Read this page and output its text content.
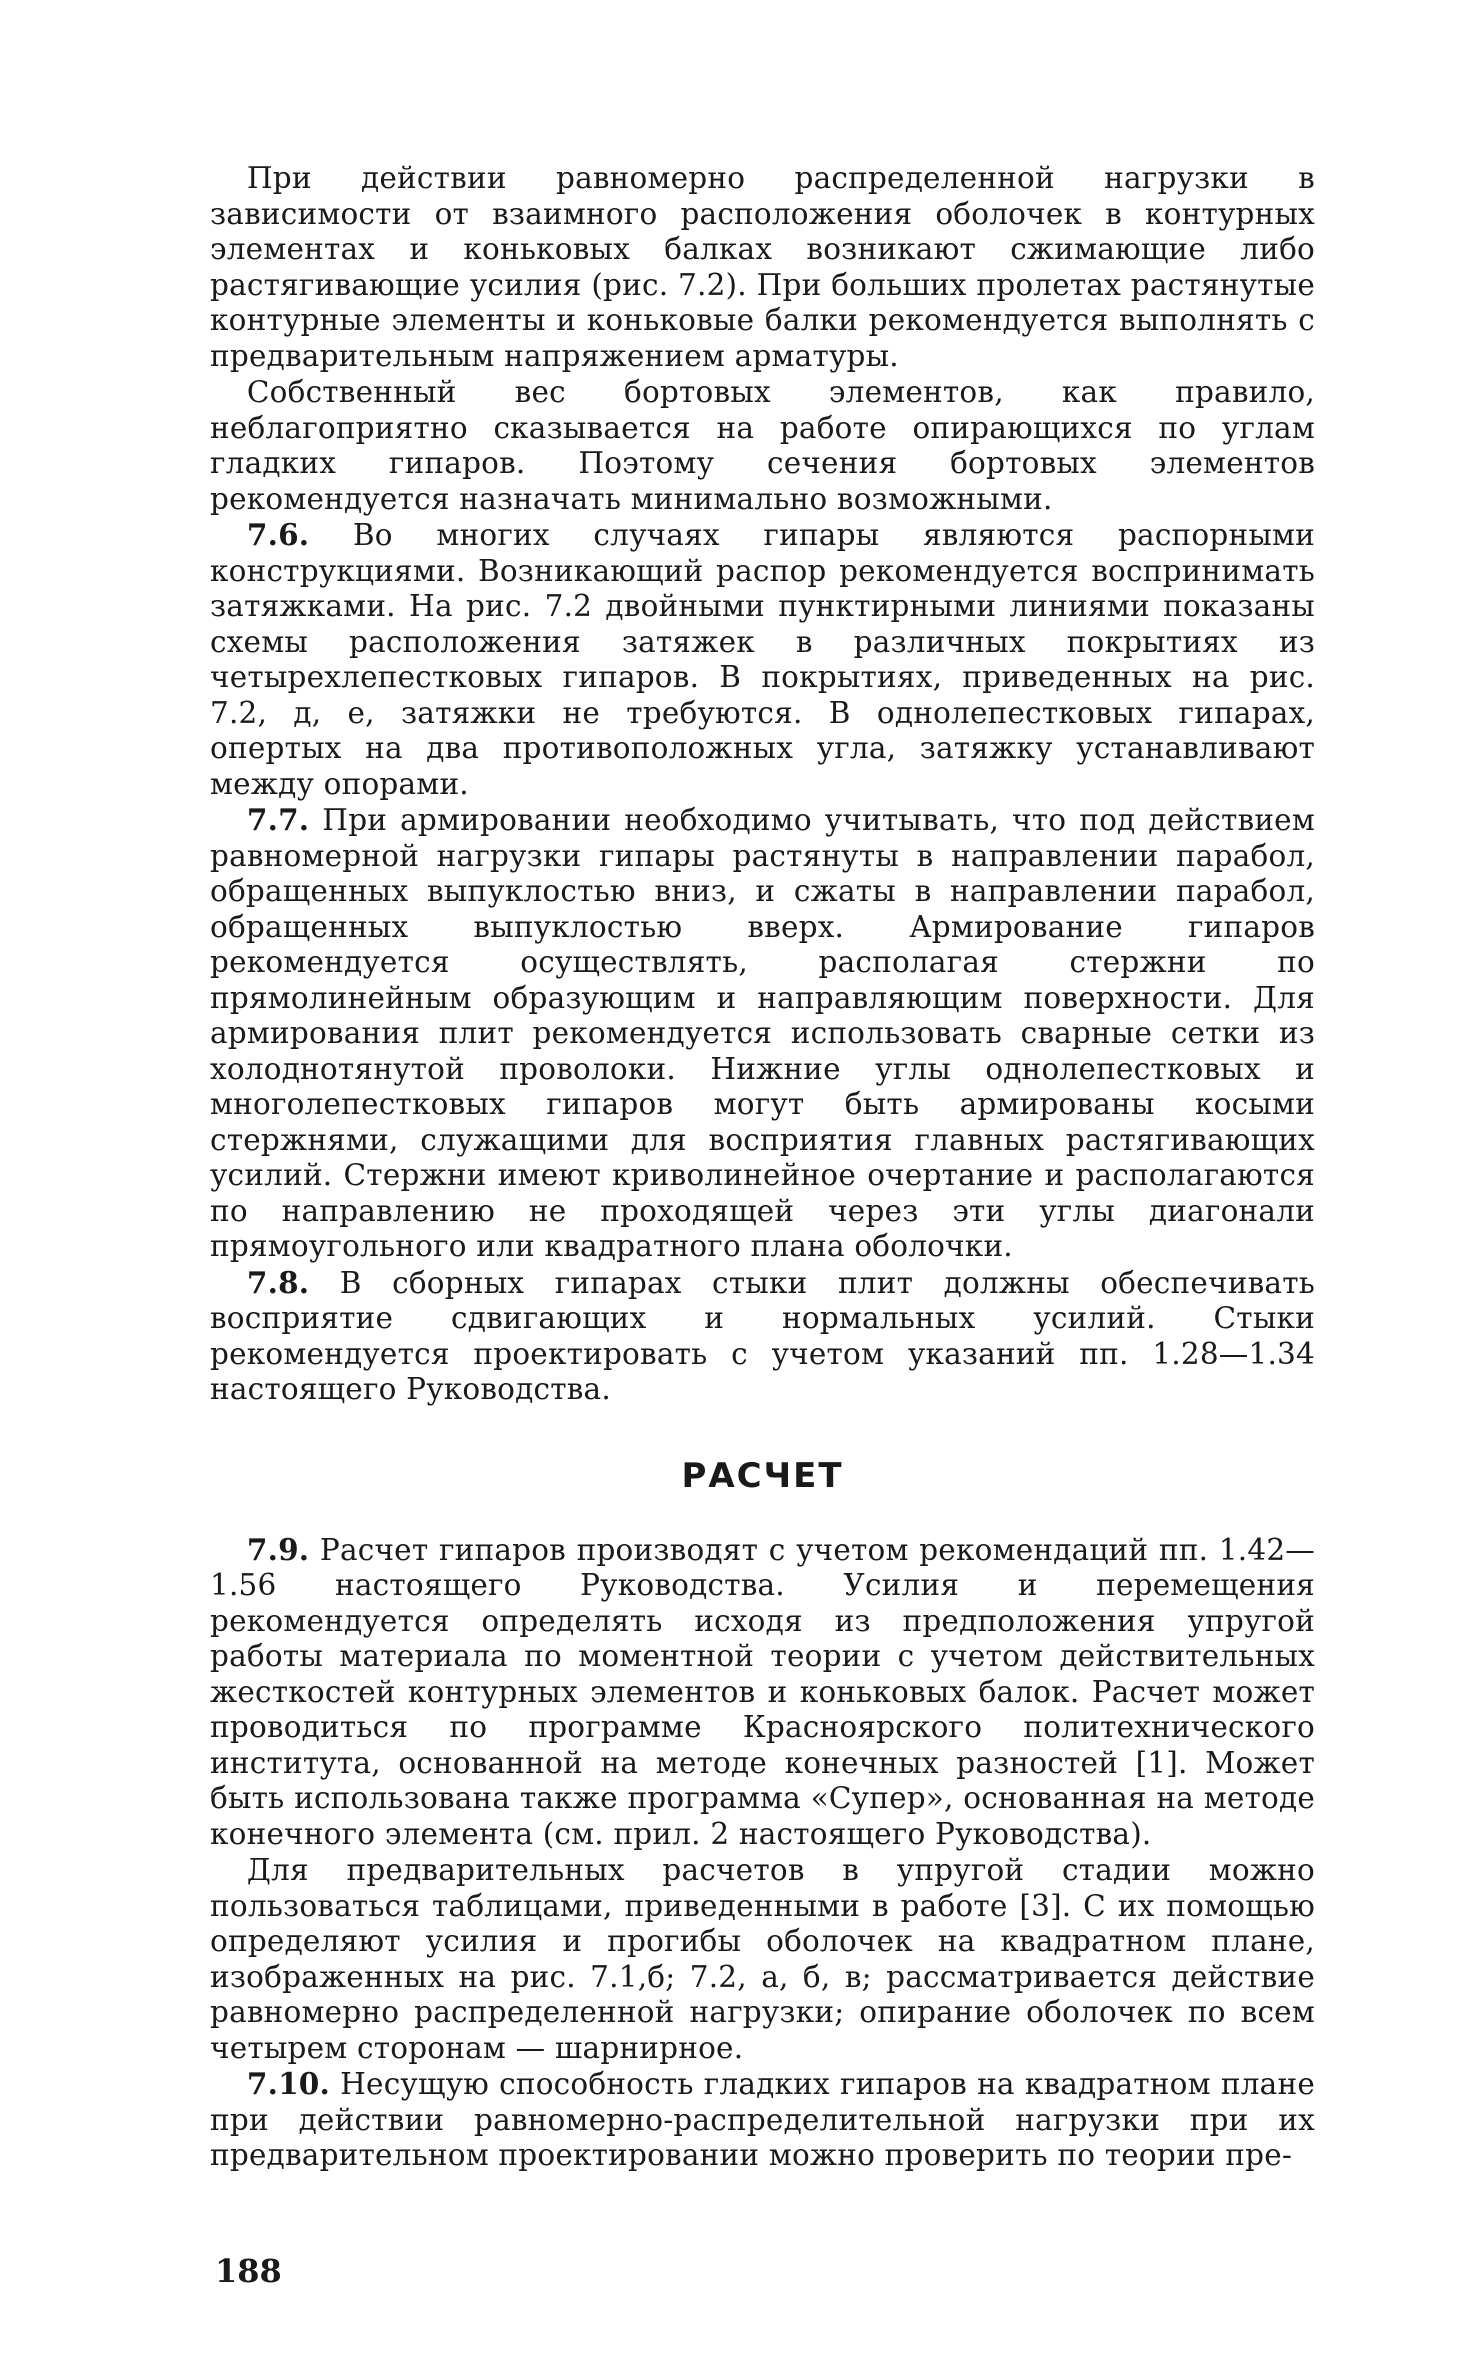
При действии равномерно распределенной нагрузки в зависимости от взаимного расположения оболочек в контурных элементах и коньковых балках возникают сжимающие либо растягивающие усилия (рис. 7.2). При больших пролетах растянутые контурные элементы и коньковые балки рекомендуется выполнять с предварительным напряжением арматуры.

Собственный вес бортовых элементов, как правило, неблагоприятно сказывается на работе опирающихся по углам гладких гипаров. Поэтому сечения бортовых элементов рекомендуется назначать минимально возможными.

7.6. Во многих случаях гипары являются распорными конструкциями. Возникающий распор рекомендуется воспринимать затяжками. На рис. 7.2 двойными пунктирными линиями показаны схемы расположения затяжек в различных покрытиях из четырехлепестковых гипаров. В покрытиях, приведенных на рис. 7.2, д, е, затяжки не требуются. В однолепестковых гипарах, опертых на два противоположных угла, затяжку устанавливают между опорами.

7.7. При армировании необходимо учитывать, что под действием равномерной нагрузки гипары растянуты в направлении парабол, обращенных выпуклостью вниз, и сжаты в направлении парабол, обращенных выпуклостью вверх. Армирование гипаров рекомендуется осуществлять, располагая стержни по прямолинейным образующим и направляющим поверхности. Для армирования плит рекомендуется использовать сварные сетки из холоднотянутой проволоки. Нижние углы однолепестковых и многолепестковых гипаров могут быть армированы косыми стержнями, служащими для восприятия главных растягивающих усилий. Стержни имеют криволинейное очертание и располагаются по направлению не проходящей через эти углы диагонали прямоугольного или квадратного плана оболочки.

7.8. В сборных гипарах стыки плит должны обеспечивать восприятие сдвигающих и нормальных усилий. Стыки рекомендуется проектировать с учетом указаний пп. 1.28—1.34 настоящего Руководства.

РАСЧЕТ

7.9. Расчет гипаров производят с учетом рекомендаций пп. 1.42—1.56 настоящего Руководства. Усилия и перемещения рекомендуется определять исходя из предположения упругой работы материала по моментной теории с учетом действительных жесткостей контурных элементов и коньковых балок. Расчет может проводиться по программе Красноярского политехнического института, основанной на методе конечных разностей [1]. Может быть использована также программа «Супер», основанная на методе конечного элемента (см. прил. 2 настоящего Руководства).

Для предварительных расчетов в упругой стадии можно пользоваться таблицами, приведенными в работе [3]. С их помощью определяют усилия и прогибы оболочек на квадратном плане, изображенных на рис. 7.1,б; 7.2, а, б, в; рассматривается действие равномерно распределенной нагрузки; опирание оболочек по всем четырем сторонам — шарнирное.

7.10. Несущую способность гладких гипаров на квадратном плане при действии равномерно-распределительной нагрузки при их предварительном проектировании можно проверить по теории пре-

188
